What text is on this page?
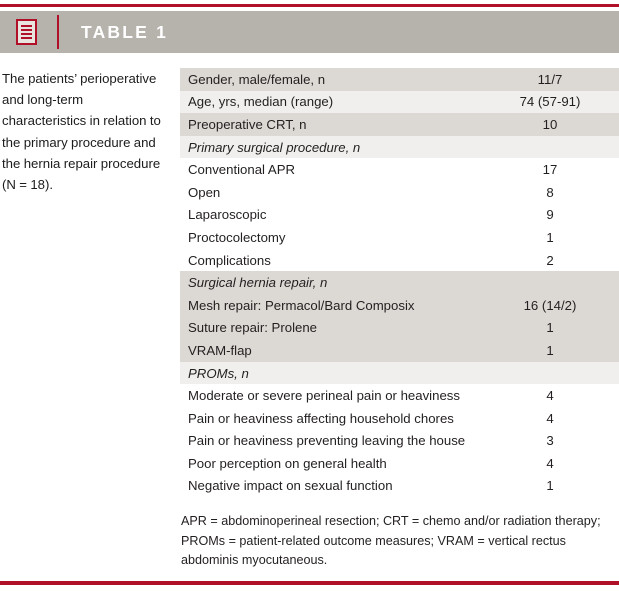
TABLE 1
The patients’ perioperative and long-term characteristics in relation to the primary procedure and the hernia repair procedure (N = 18).
Gender, male/female, n	11/7
Age, yrs, median (range)	74 (57-91)
Preoperative CRT, n	10
Primary surgical procedure, n
Conventional APR	17
Open	8
Laparoscopic	9
Proctocolectomy	1
Complications	2
Surgical hernia repair, n
Mesh repair: Permacol/Bard Composix	16 (14/2)
Suture repair: Prolene	1
VRAM-flap	1
PROMs, n
Moderate or severe perineal pain or heaviness	4
Pain or heaviness affecting household chores	4
Pain or heaviness preventing leaving the house	3
Poor perception on general health	4
Negative impact on sexual function	1
APR = abdominoperineal resection; CRT = chemo and/or radiation therapy; PROMs = patient-related outcome measures; VRAM = vertical rectus abdominis myocutaneous.
